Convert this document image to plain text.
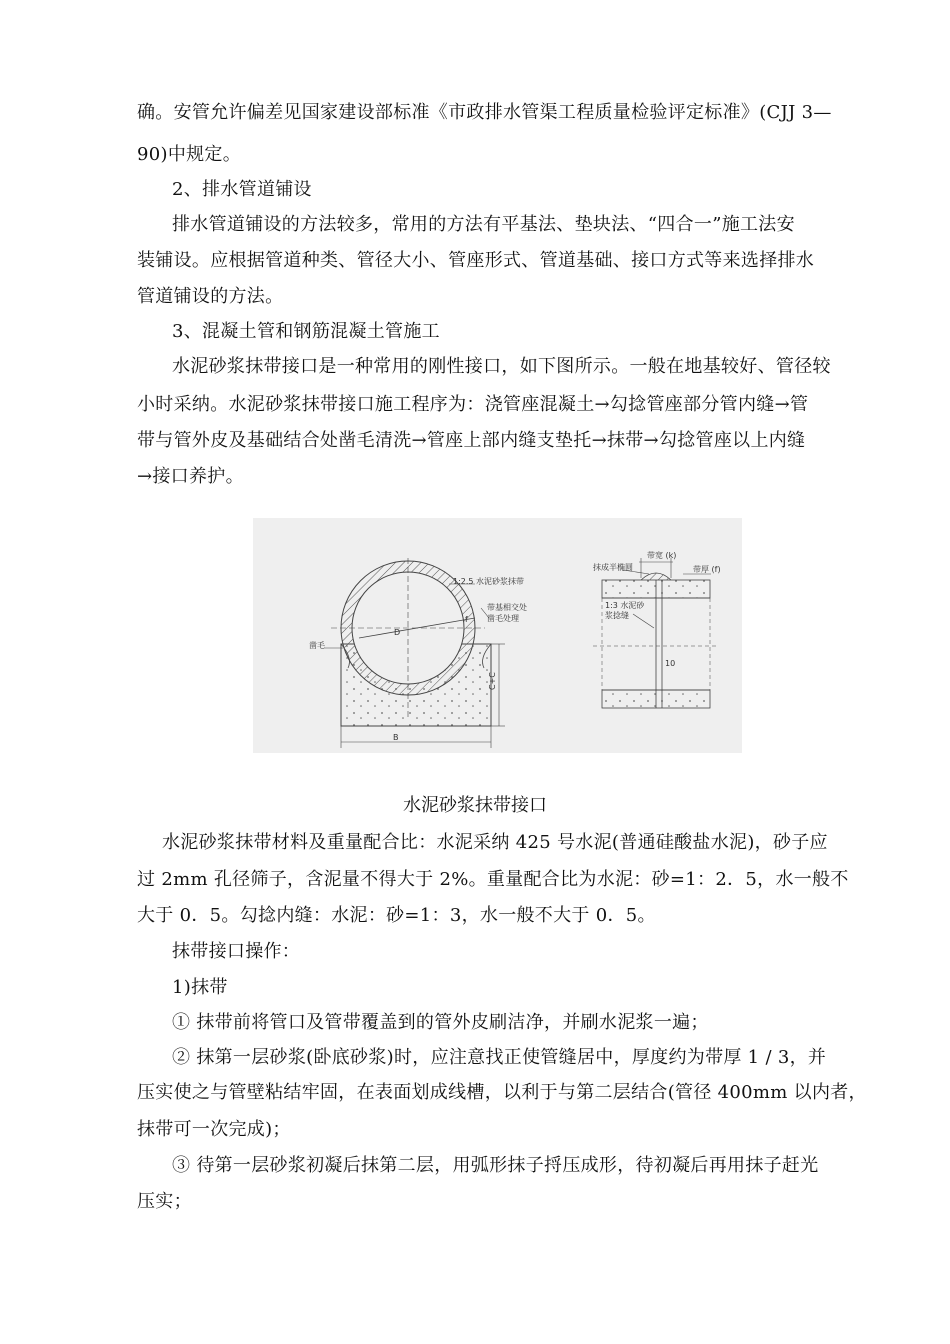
确。安管允许偏差见国家建设部标准《市政排水管渠工程质量检验评定标准》(CJJ 3—
90)中规定。
2、排水管道铺设
排水管道铺设的方法较多，常用的方法有平基法、垫块法、“四合一”施工法安
装铺设。应根据管道种类、管径大小、管座形式、管道基础、接口方式等来选择排水
管道铺设的方法。
3、混凝土管和钢筋混凝土管施工
水泥砂浆抹带接口是一种常用的刚性接口，如下图所示。一般在地基较好、管径较
小时采纳。水泥砂浆抹带接口施工程序为：浇管座混凝土→勾捻管座部分管内缝→管
带与管外皮及基础结合处凿毛清洗→管座上部内缝支垫托→抹带→勾捻管座以上内缝
→接口养护。
1:2.5 水泥砂浆抹带
带基相交处
凿毛处理
凿毛
D
f
C+C
B
抹成半椭圆
带宽 (k)
带厚 (f)
1:3 水泥砂
浆捻缝
10
水泥砂浆抹带接口
水泥砂浆抹带材料及重量配合比：水泥采纳 425 号水泥(普通硅酸盐水泥)，砂子应
过 2mm 孔径筛子，含泥量不得大于 2%。重量配合比为水泥：砂=1：2．5，水一般不
大于 0．5。勾捻内缝：水泥：砂=1：3，水一般不大于 0．5。
抹带接口操作：
1)抹带
① 抹带前将管口及管带覆盖到的管外皮刷洁净，并刷水泥浆一遍；
② 抹第一层砂浆(卧底砂浆)时，应注意找正使管缝居中，厚度约为带厚 1 / 3，并
压实使之与管壁粘结牢固，在表面划成线槽，以利于与第二层结合(管径 400mm 以内者，
抹带可一次完成)；
③ 待第一层砂浆初凝后抹第二层，用弧形抹子捋压成形，待初凝后再用抹子赶光
压实；
